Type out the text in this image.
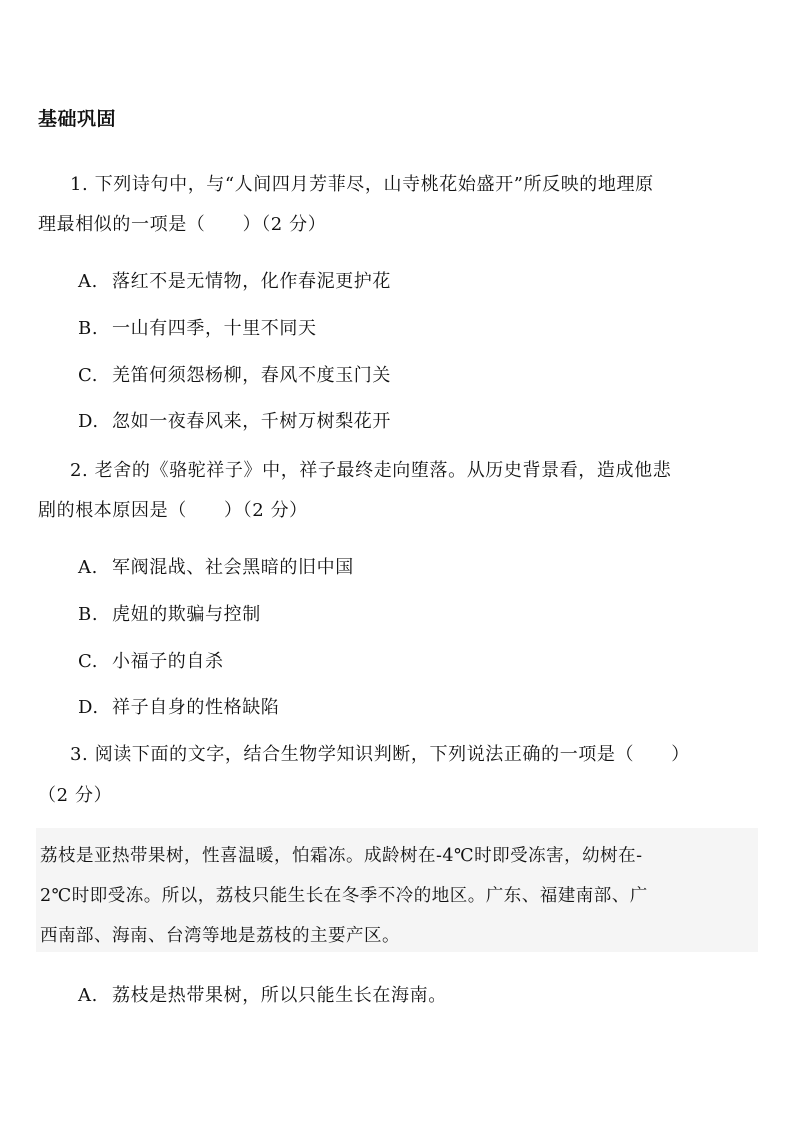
基础巩固
1. 下列诗句中，与“人间四月芳菲尽，山寺桃花始盛开”所反映的地理原
理最相似的一项是（　　）（2 分）
A. 落红不是无情物，化作春泥更护花
B. 一山有四季，十里不同天
C. 羌笛何须怨杨柳，春风不度玉门关
D. 忽如一夜春风来，千树万树梨花开
2. 老舍的《骆驼祥子》中，祥子最终走向堕落。从历史背景看，造成他悲
剧的根本原因是（　　）（2 分）
A. 军阀混战、社会黑暗的旧中国
B. 虎妞的欺骗与控制
C. 小福子的自杀
D. 祥子自身的性格缺陷
3. 阅读下面的文字，结合生物学知识判断，下列说法正确的一项是（　　）
（2 分）
荔枝是亚热带果树，性喜温暖，怕霜冻。成龄树在-4℃时即受冻害，幼树在-
2℃时即受冻。所以，荔枝只能生长在冬季不冷的地区。广东、福建南部、广
西南部、海南、台湾等地是荔枝的主要产区。
A. 荔枝是热带果树，所以只能生长在海南。
